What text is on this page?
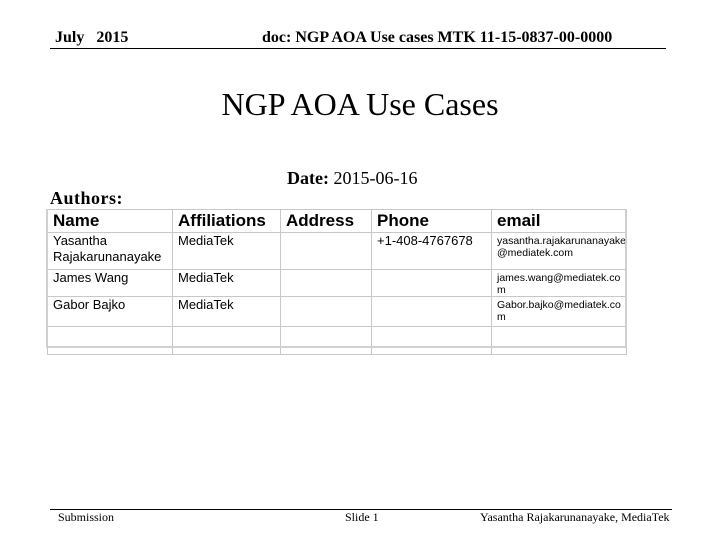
July   2015	doc: NGP AOA Use cases MTK 11-15-0837-00-0000
NGP AOA Use Cases
Date: 2015-06-16
Authors:
Name	Affiliations	Address	Phone	email
Yasantha Rajakarunanayake	MediaTek		+1-408-4767678	yasantha.rajakarunanayake@mediatek.com
James Wang	MediaTek			james.wang@mediatek.com
Gabor Bajko	MediaTek			Gabor.bajko@mediatek.com

Submission	Slide 1	Yasantha Rajakarunanayake, MediaTek
